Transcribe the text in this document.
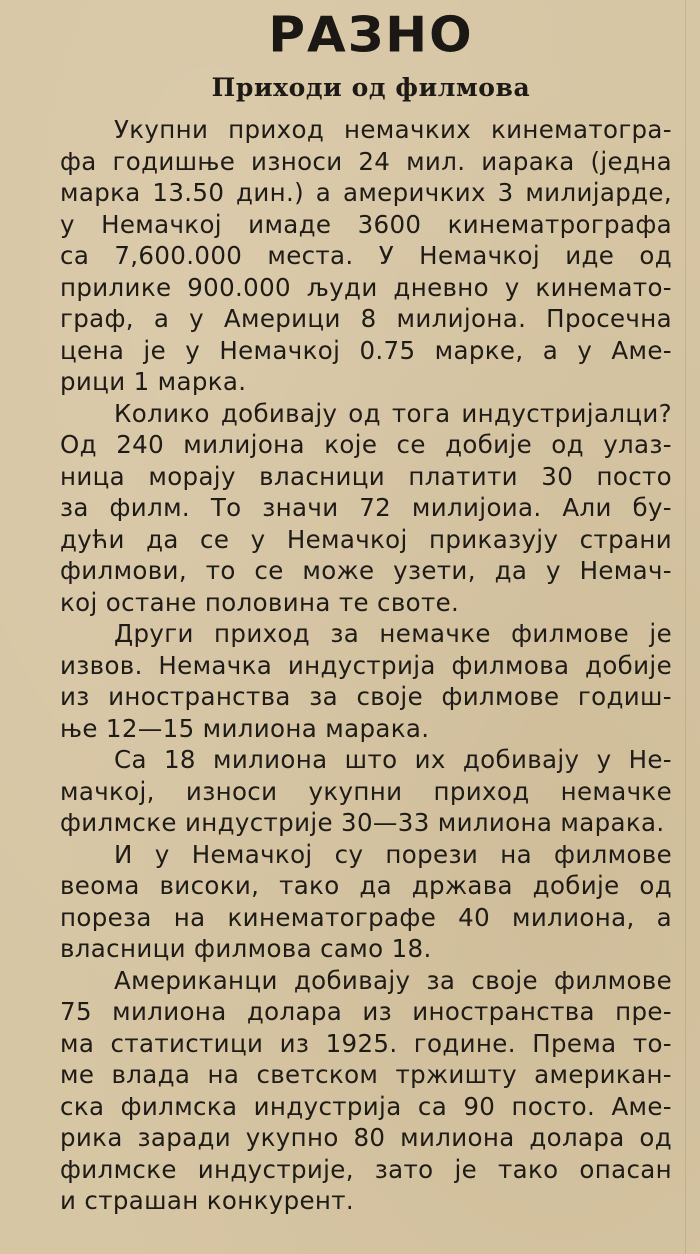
РАЗНО
Приходи од филмова
Укупни приход немачких кинематогра-
фа годишње износи 24 мил. иарака (једна
марка 13.50 дин.) а америчких 3 милијарде,
у Немачкој имаде 3600 кинематрографа
са 7,600.000 места. У Немачкој иде од
прилике 900.000 људи дневно у кинемато-
граф, а у Америци 8 милијона. Просечна
цена је у Немачкој 0.75 марке, а у Аме-
рици 1 марка.
Колико добивају од тога индустријалци?
Од 240 милијона које се добије од улаз-
ница морају власници платити 30 посто
за филм. То значи 72 милијоиа. Али бу-
дући да се у Немачкој приказују страни
филмови, то се може узети, да у Немач-
кој остане половина те своте.
Други приход за немачке филмове је
извов. Немачка индустрија филмова добије
из иностранства за своје филмове годиш-
ње 12—15 милиона марака.
Са 18 милиона што их добивају у Не-
мачкој, износи укупни приход немачке
филмске индустрије 30—33 милиона марака.
И у Немачкој су порези на филмове
веома високи, тако да држава добије од
пореза на кинематографе 40 милиона, а
власници филмова само 18.
Американци добивају за своје филмове
75 милиона долара из иностранства пре-
ма статистици из 1925. године. Према то-
ме влада на светском тржишту американ-
ска филмска индустрија са 90 посто. Аме-
рика заради укупно 80 милиона долара од
филмске индустрије, зато је тако опасан
и страшан конкурент.
